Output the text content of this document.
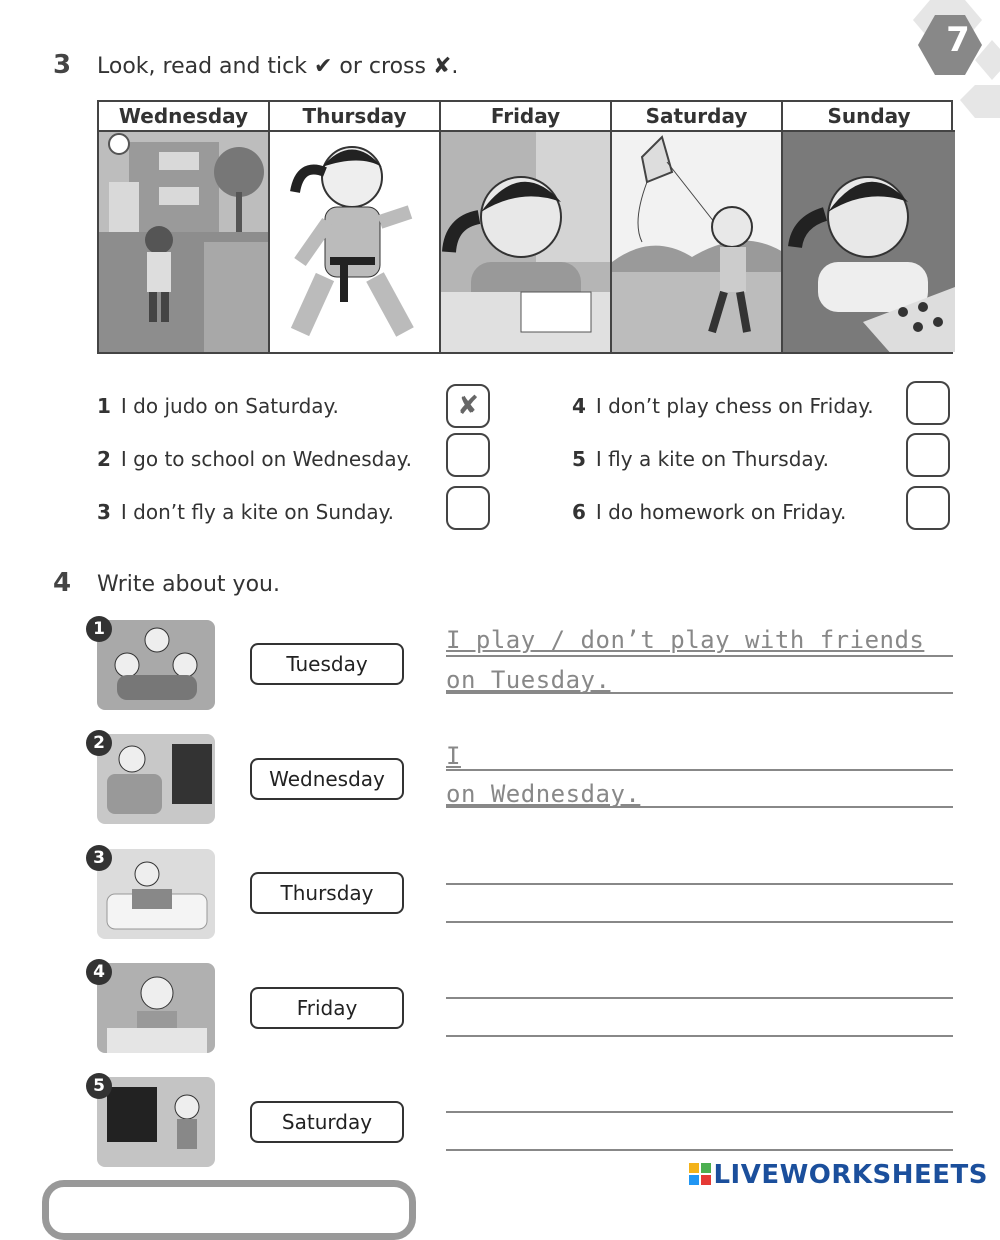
7
3 Look, read and tick ✔ or cross ✘.
Wednesday	Thursday	Friday	Saturday	Sunday
1 I do judo on Saturday.	✘
2 I go to school on Wednesday.
3 I don’t fly a kite on Sunday.
4 I don’t play chess on Friday.
5 I fly a kite on Thursday.
6 I do homework on Friday.
4 Write about you.
1
Tuesday
I play / don’t play with friends
on Tuesday.
2
Wednesday
I
on Wednesday.
3
Thursday
4
Friday
5
Saturday
LIVEWORKSHEETS
